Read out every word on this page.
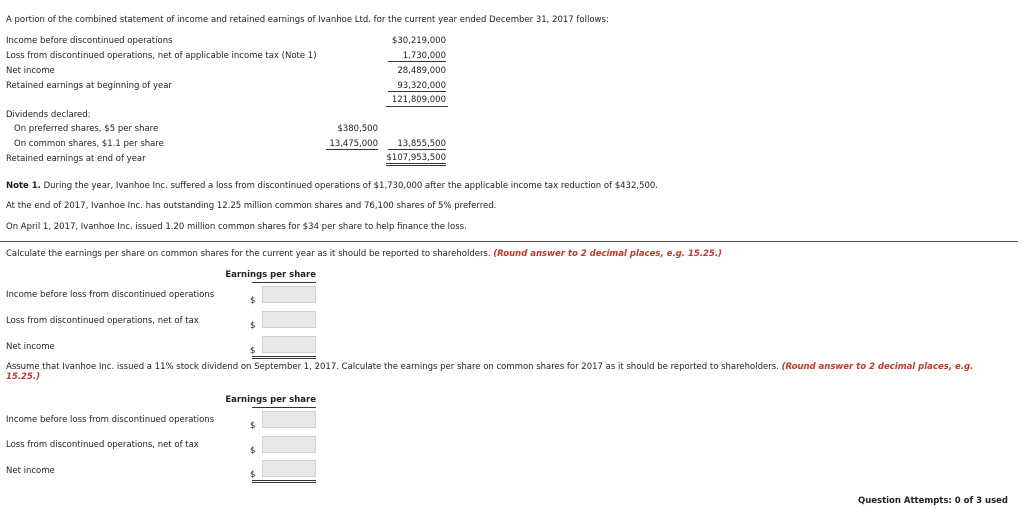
A portion of the combined statement of income and retained earnings of Ivanhoe Ltd. for the current year ended December 31, 2017 follows:
Income before discontinued operations	$30,219,000
Loss from discontinued operations, net of applicable income tax (Note 1)	1,730,000
Net income	28,489,000
Retained earnings at beginning of year	93,320,000
121,809,000
Dividends declared:
On preferred shares, $5 per share	$380,500
On common shares, $1.1 per share	13,475,000	13,855,500
Retained earnings at end of year	$107,953,500
Note 1. During the year, Ivanhoe Inc. suffered a loss from discontinued operations of $1,730,000 after the applicable income tax reduction of $432,500.
At the end of 2017, Ivanhoe Inc. has outstanding 12.25 million common shares and 76,100 shares of 5% preferred.
On April 1, 2017, Ivanhoe Inc. issued 1.20 million common shares for $34 per share to help finance the loss.
Calculate the earnings per share on common shares for the current year as it should be reported to shareholders. (Round answer to 2 decimal places, e.g. 15.25.)
Earnings per share
Income before loss from discontinued operations
$
Loss from discontinued operations, net of tax	$
Net income	$
Assume that Ivanhoe Inc. issued a 11% stock dividend on September 1, 2017. Calculate the earnings per share on common shares for 2017 as it should be reported to shareholders. (Round answer to 2 decimal places, e.g.
15.25.)
Earnings per share
Income before loss from discontinued operations
$
Loss from discontinued operations, net of tax
$
Net income	$
Question Attempts: 0 of 3 used
